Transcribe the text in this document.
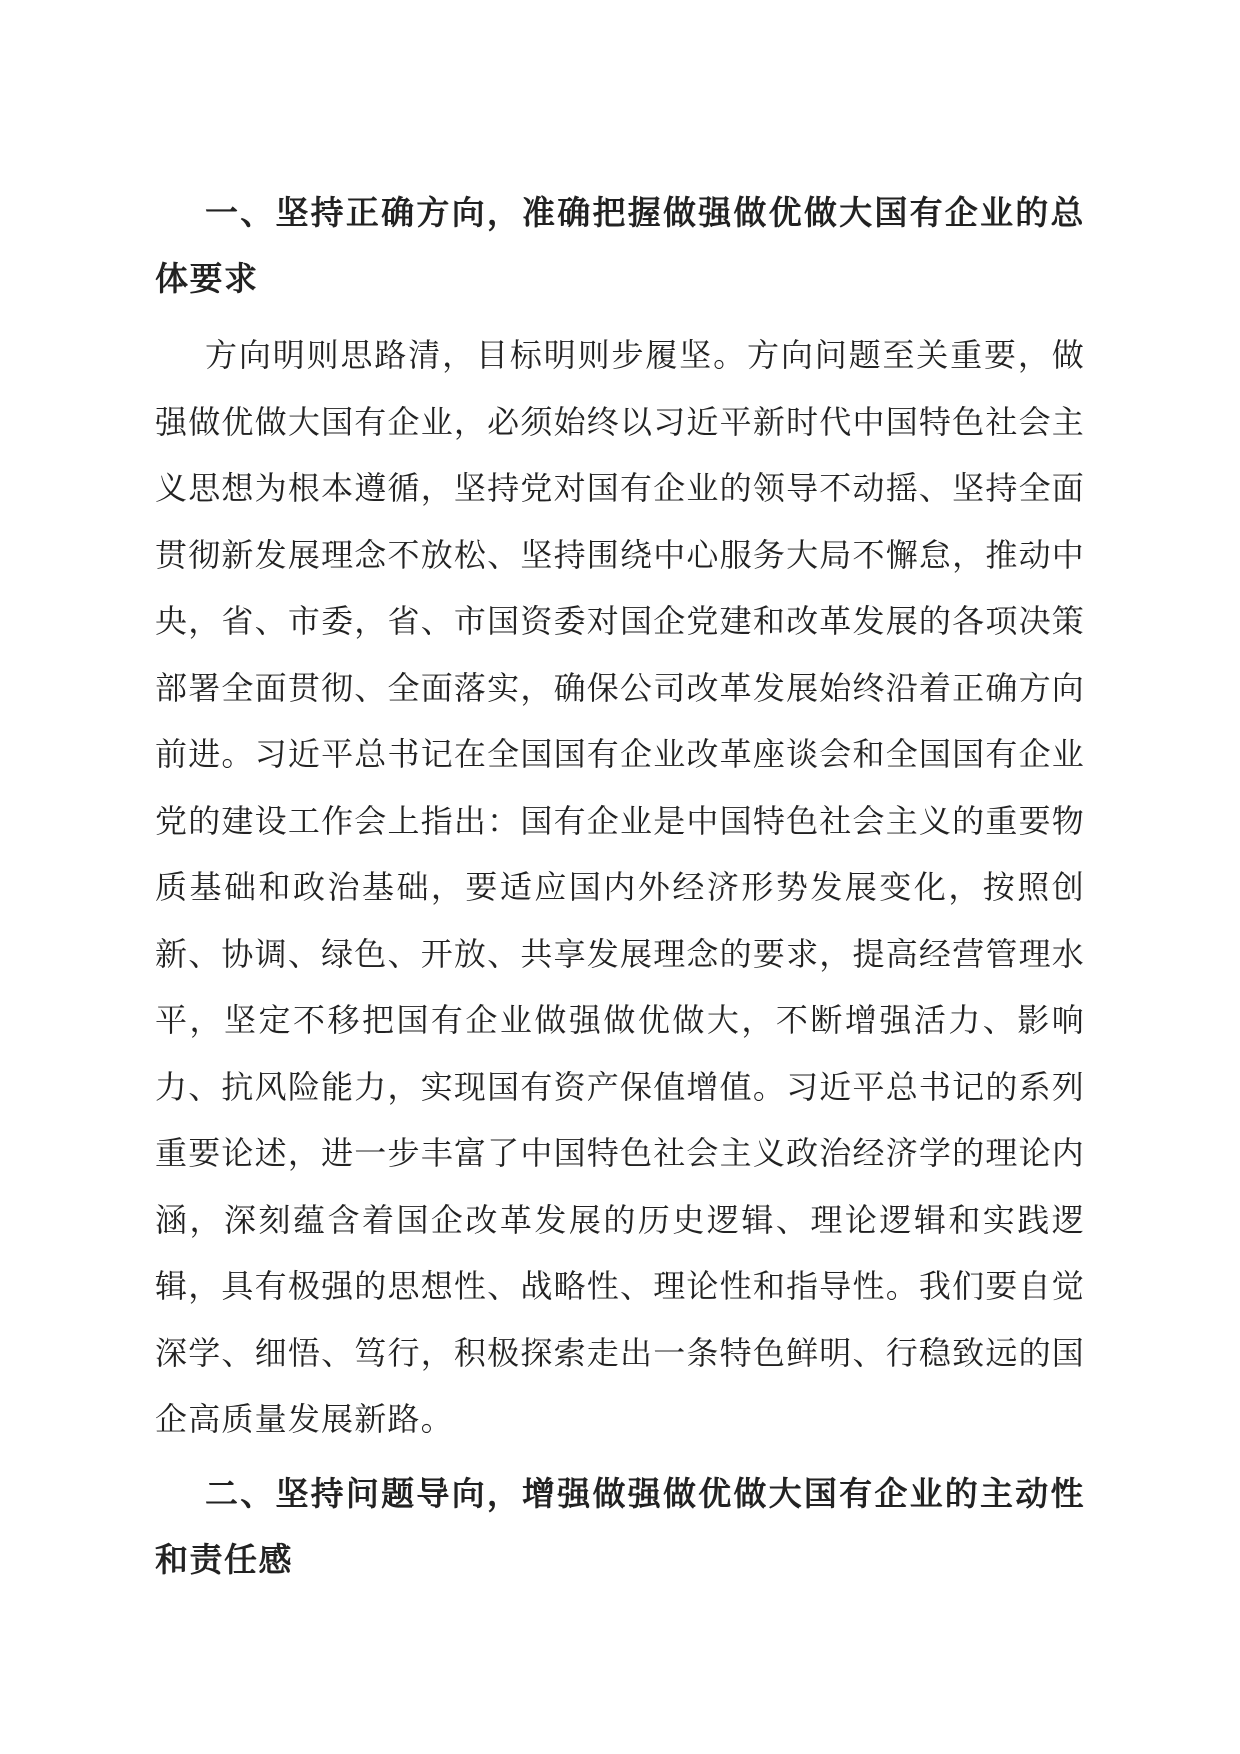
一、坚持正确方向，准确把握做强做优做大国有企业的总体要求

方向明则思路清，目标明则步履坚。方向问题至关重要，做强做优做大国有企业，必须始终以习近平新时代中国特色社会主义思想为根本遵循，坚持党对国有企业的领导不动摇、坚持全面贯彻新发展理念不放松、坚持围绕中心服务大局不懈怠，推动中央，省、市委，省、市国资委对国企党建和改革发展的各项决策部署全面贯彻、全面落实，确保公司改革发展始终沿着正确方向前进。习近平总书记在全国国有企业改革座谈会和全国国有企业党的建设工作会上指出：国有企业是中国特色社会主义的重要物质基础和政治基础，要适应国内外经济形势发展变化，按照创新、协调、绿色、开放、共享发展理念的要求，提高经营管理水平，坚定不移把国有企业做强做优做大，不断增强活力、影响力、抗风险能力，实现国有资产保值增值。习近平总书记的系列重要论述，进一步丰富了中国特色社会主义政治经济学的理论内涵，深刻蕴含着国企改革发展的历史逻辑、理论逻辑和实践逻辑，具有极强的思想性、战略性、理论性和指导性。我们要自觉深学、细悟、笃行，积极探索走出一条特色鲜明、行稳致远的国企高质量发展新路。

二、坚持问题导向，增强做强做优做大国有企业的主动性和责任感
